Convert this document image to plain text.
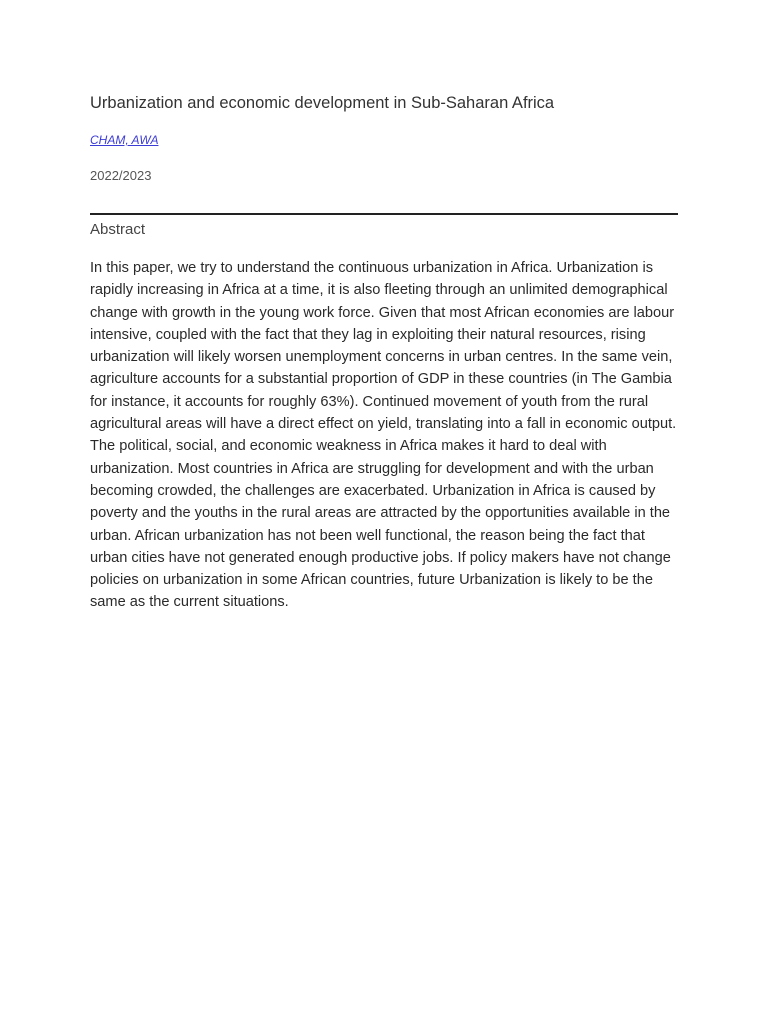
Urbanization and economic development in Sub-Saharan Africa
CHAM, AWA
2022/2023
Abstract

In this paper, we try to understand the continuous urbanization in Africa. Urbanization is rapidly increasing in Africa at a time, it is also fleeting through an unlimited demographical change with growth in the young work force. Given that most African economies are labour intensive, coupled with the fact that they lag in exploiting their natural resources, rising urbanization will likely worsen unemployment concerns in urban centres. In the same vein, agriculture accounts for a substantial proportion of GDP in these countries (in The Gambia for instance, it accounts for roughly 63%). Continued movement of youth from the rural agricultural areas will have a direct effect on yield, translating into a fall in economic output. The political, social, and economic weakness in Africa makes it hard to deal with urbanization. Most countries in Africa are struggling for development and with the urban becoming crowded, the challenges are exacerbated. Urbanization in Africa is caused by poverty and the youths in the rural areas are attracted by the opportunities available in the urban. African urbanization has not been well functional, the reason being the fact that urban cities have not generated enough productive jobs. If policy makers have not change policies on urbanization in some African countries, future Urbanization is likely to be the same as the current situations.
